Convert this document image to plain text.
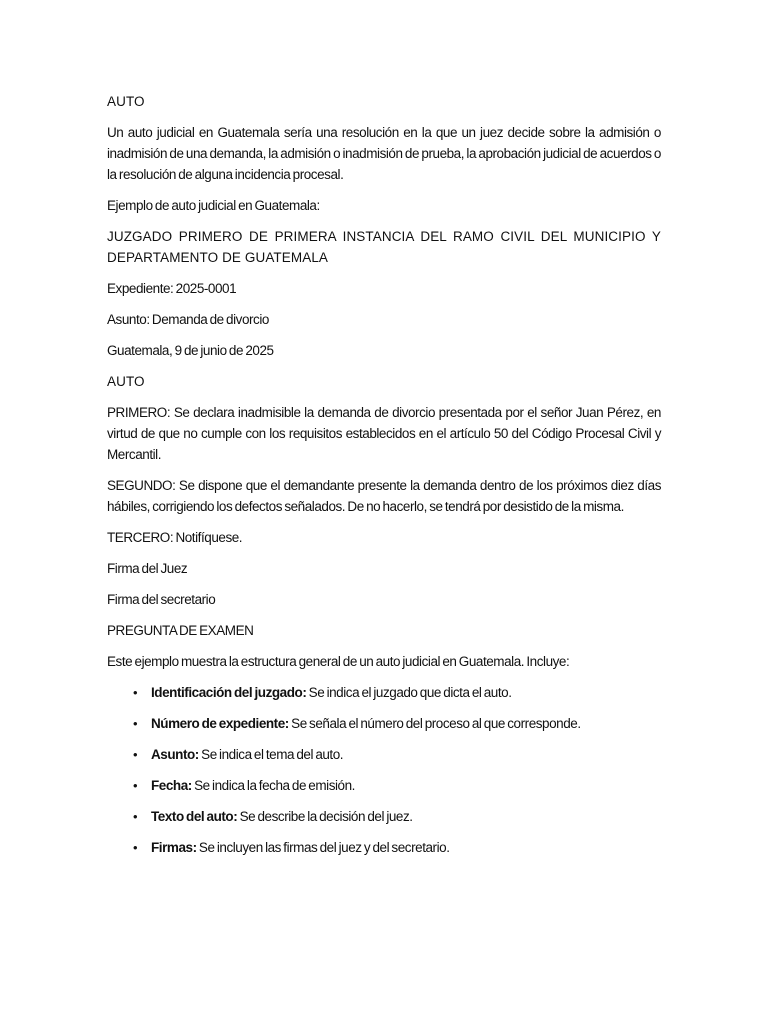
AUTO

Un auto judicial en Guatemala sería una resolución en la que un juez decide sobre la admisión o inadmisión de una demanda, la admisión o inadmisión de prueba, la aprobación judicial de acuerdos o la resolución de alguna incidencia procesal.

Ejemplo de auto judicial en Guatemala:

JUZGADO PRIMERO DE PRIMERA INSTANCIA DEL RAMO CIVIL DEL MUNICIPIO Y DEPARTAMENTO DE GUATEMALA

Expediente: 2025-0001

Asunto: Demanda de divorcio

Guatemala, 9 de junio de 2025

AUTO

PRIMERO: Se declara inadmisible la demanda de divorcio presentada por el señor Juan Pérez, en virtud de que no cumple con los requisitos establecidos en el artículo 50 del Código Procesal Civil y Mercantil.

SEGUNDO: Se dispone que el demandante presente la demanda dentro de los próximos diez días hábiles, corrigiendo los defectos señalados. De no hacerlo, se tendrá por desistido de la misma.

TERCERO: Notifíquese.

Firma del Juez

Firma del secretario

PREGUNTA DE EXAMEN

Este ejemplo muestra la estructura general de un auto judicial en Guatemala. Incluye:

• Identificación del juzgado: Se indica el juzgado que dicta el auto.
• Número de expediente: Se señala el número del proceso al que corresponde.
• Asunto: Se indica el tema del auto.
• Fecha: Se indica la fecha de emisión.
• Texto del auto: Se describe la decisión del juez.
• Firmas: Se incluyen las firmas del juez y del secretario.
